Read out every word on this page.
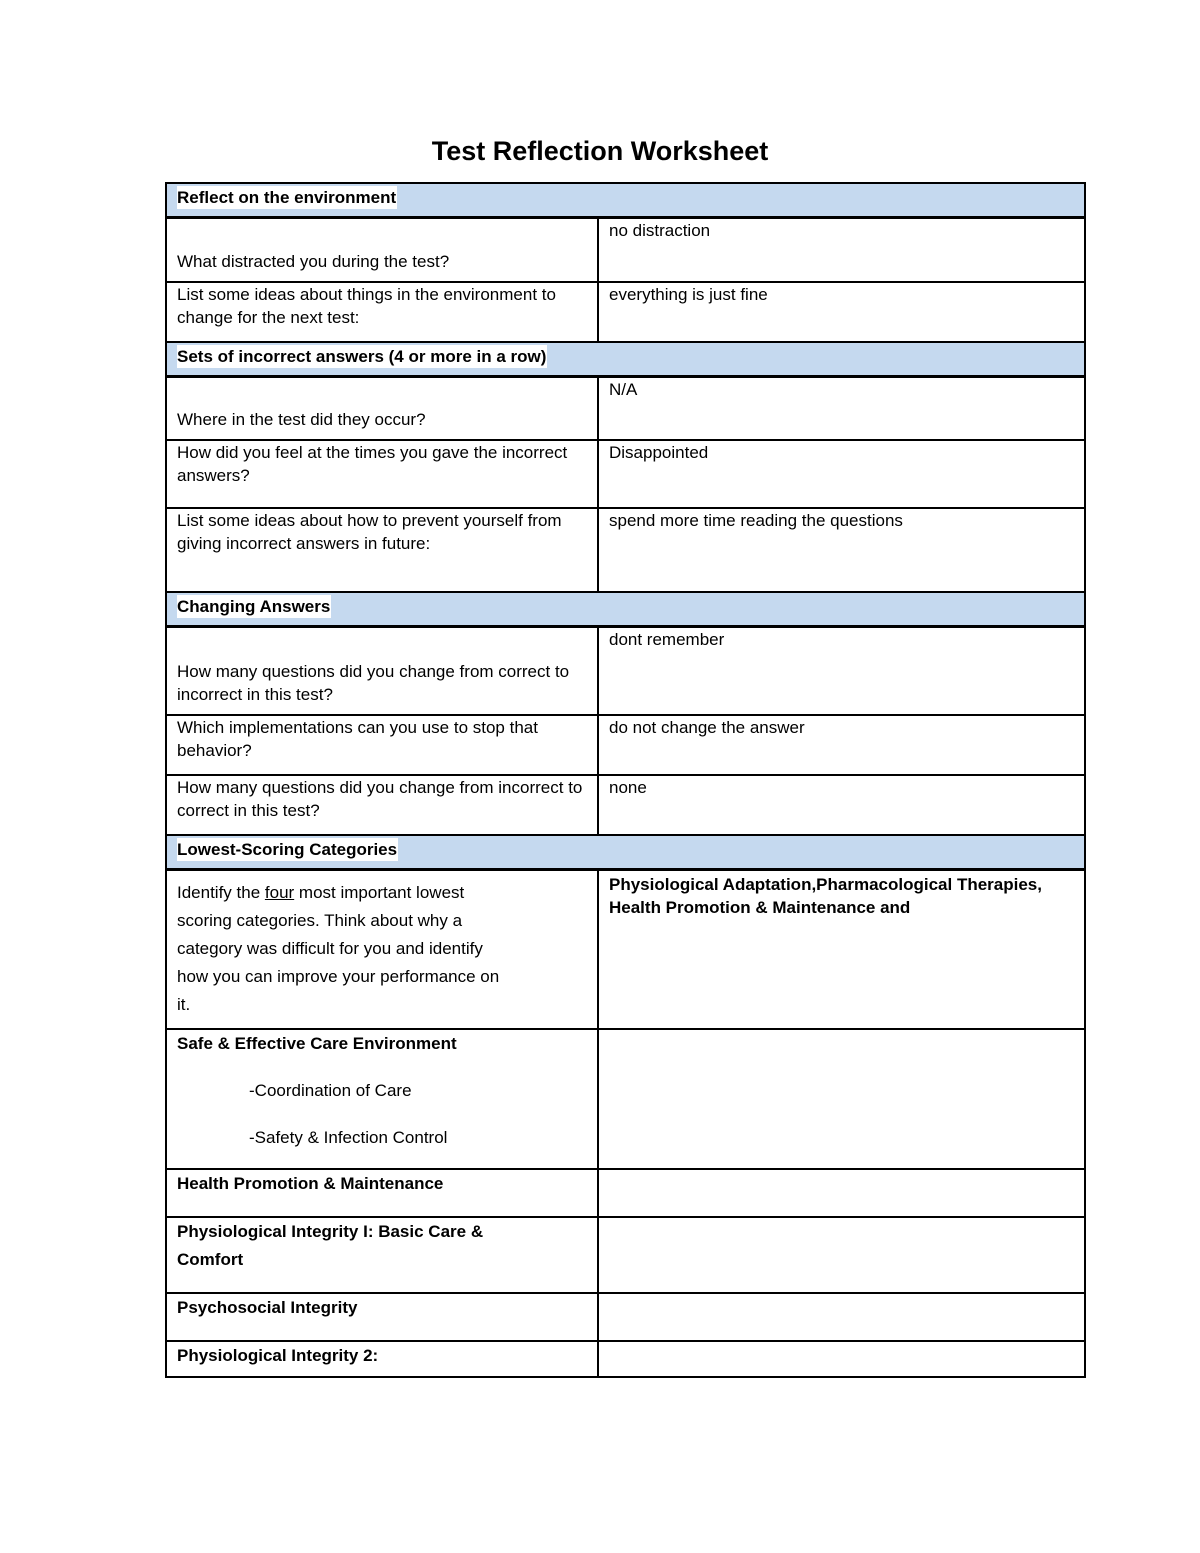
Test Reflection Worksheet
Reflect on the environment	
What distracted you during the test?	no distraction

List some ideas about things in the environment to change for the next test:	everything is just fine

Sets of incorrect answers (4 or more in a row)	
Where in the test did they occur?	N/A

How did you feel at the times you gave the incorrect answers?	Disappointed

List some ideas about how to prevent yourself from giving incorrect answers in future:	spend more time reading the questions

Changing Answers	
How many questions did you change from correct to incorrect in this test?	dont remember

Which implementations can you use to stop that behavior?	do not change the answer

How many questions did you change from incorrect to correct in this test?	none

Lowest-Scoring Categories	

Identify the four most important lowest scoring categories. Think about why a category was difficult for you and identify how you can improve your performance on it.	Physiological Adaptation,Pharmacological Therapies, Health Promotion & Maintenance and

Safe & Effective Care Environment
-Coordination of Care
-Safety & Infection Control	

Health Promotion & Maintenance	
Physiological Integrity I: Basic Care & Comfort	
Psychosocial Integrity	
Physiological Integrity 2:	
